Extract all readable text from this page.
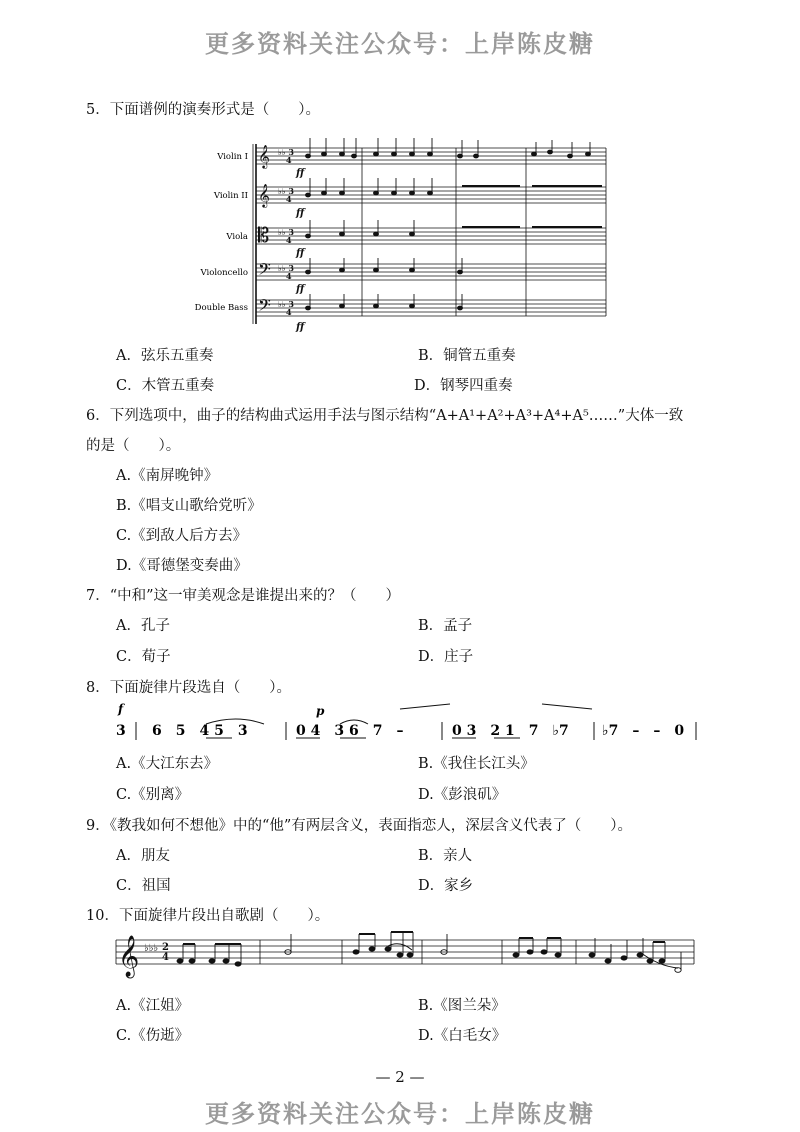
更多资料关注公众号：上岸陈皮糖
5．下面谱例的演奏形式是（　　）。
Violin I
Violin II
Viola
Violoncello
Double Bass
𝄞
𝄞
𝄡
𝄢
𝄢
♭♭ 3
4
♭♭ 3
4
♭♭ 3
4
♭♭ 3
4
♭♭ 3
4
ff
ff
ff
ff
ff
A．弦乐五重奏	B．铜管五重奏
C．木管五重奏	D．钢琴四重奏
6．下列选项中，曲子的结构曲式运用手法与图示结构“A+A¹+A²+A³+A⁴+A⁵……”大体一致
的是（　　）。
A.《南屏晚钟》
B.《唱支山歌给党听》
C.《到敌人后方去》
D.《哥德堡变奏曲》
7．“中和”这一审美观念是谁提出来的？（　　）
A．孔子	B．孟子
C．荀子	D．庄子
8．下面旋律片段选自（　　）。
f	p
3 6　5　4 5　3	0 4　3 6　7　–	0 3　2 1　7　♭7 ♭7　–　–　0
A.《大江东去》	B.《我住长江头》
C.《别离》	D.《彭浪矶》
9．《教我如何不想他》中的“他”有两层含义，表面指恋人，深层含义代表了（　　）。
A．朋友	B．亲人
C．祖国	D．家乡
10．下面旋律片段出自歌剧（　　）。
𝄞 ♭♭♭ 2
4
A.《江姐》	B.《图兰朵》
C.《伤逝》	D.《白毛女》
— 2 —
更多资料关注公众号：上岸陈皮糖
